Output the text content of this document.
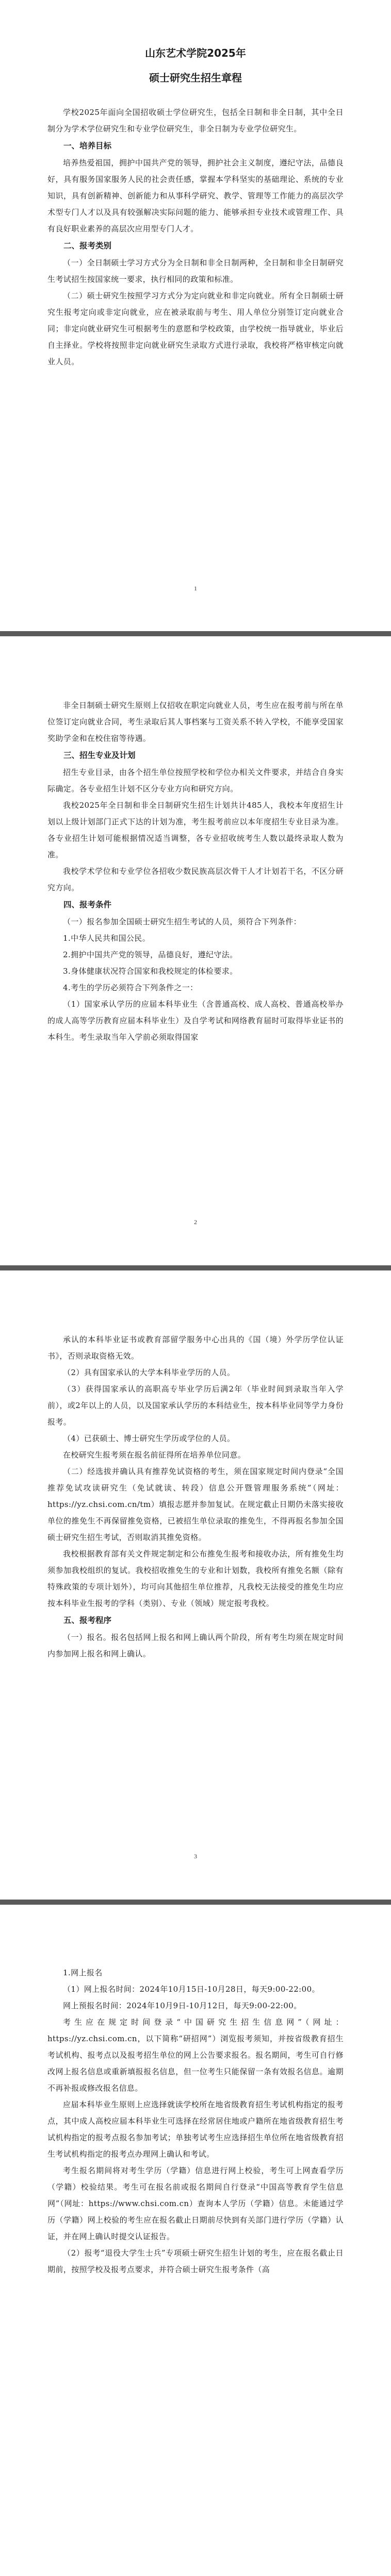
山东艺术学院2025年
硕士研究生招生章程

学校2025年面向全国招收硕士学位研究生，包括全日制和非全日制，其中全日制分为学术学位研究生和专业学位研究生，非全日制为专业学位研究生。

一、培养目标

培养热爱祖国，拥护中国共产党的领导，拥护社会主义制度，遵纪守法，品德良好，具有服务国家服务人民的社会责任感，掌握本学科坚实的基础理论、系统的专业知识，具有创新精神、创新能力和从事科学研究、教学、管理等工作能力的高层次学术型专门人才以及具有较强解决实际问题的能力、能够承担专业技术或管理工作、具有良好职业素养的高层次应用型专门人才。

二、报考类别

（一）全日制硕士学习方式分为全日制和非全日制两种，全日制和非全日制研究生考试招生按国家统一要求，执行相同的政策和标准。

（二）硕士研究生按照学习方式分为定向就业和非定向就业。所有全日制硕士研究生报考定向或非定向就业，应在被录取前与考生、用人单位分别签订定向就业合同；非定向就业研究生可根据考生的意愿和学校政策，由学校统一指导就业，毕业后自主择业。学校将按照非定向就业研究生录取方式进行录取，我校将严格审核定向就业人员。

1

非全日制硕士研究生原则上仅招收在职定向就业人员，考生应在报考前与所在单位签订定向就业合同，考生录取后其人事档案与工资关系不转入学校，不能享受国家奖助学金和在校住宿等待遇。

三、招生专业及计划

招生专业目录，由各个招生单位按照学校和学位办相关文件要求，并结合自身实际确定。各专业招生计划不区分专业方向和研究方向。

我校2025年全日制和非全日制研究生招生计划共计485人，我校本年度招生计划以上级计划部门正式下达的计划为准，考生报考前应以本年度招生专业目录为准。各专业招生计划可能根据情况适当调整，各专业招收统考生人数以最终录取人数为准。

我校学术学位和专业学位各招收少数民族高层次骨干人才计划若干名，不区分研究方向。

四、报考条件

（一）报名参加全国硕士研究生招生考试的人员，须符合下列条件：

1.中华人民共和国公民。

2.拥护中国共产党的领导，品德良好，遵纪守法。

3.身体健康状况符合国家和我校规定的体检要求。

4.考生的学历必须符合下列条件之一：

（1）国家承认学历的应届本科毕业生（含普通高校、成人高校、普通高校举办的成人高等学历教育应届本科毕业生）及自学考试和网络教育届时可取得毕业证书的本科生。考生录取当年入学前必须取得国家

2

承认的本科毕业证书或教育部留学服务中心出具的《国（境）外学历学位认证书》，否则录取资格无效。

（2）具有国家承认的大学本科毕业学历的人员。

（3）获得国家承认的高职高专毕业学历后满2年（毕业时间到录取当年入学前），或2年以上的人员，以及国家承认学历的本科结业生，按本科毕业同等学力身份报考。

（4）已获硕士、博士研究生学历或学位的人员。

在校研究生报考须在报名前征得所在培养单位同意。

（二）经选拔并确认具有推荐免试资格的考生，须在国家规定时间内登录“全国推荐免试攻读研究生（免试就读、转段）信息公开暨管理服务系统”（网址：https://yz.chsi.com.cn/tm）填报志愿并参加复试。在规定截止日期仍未落实接收单位的推免生不再保留推免资格，已被招生单位录取的推免生，不得再报名参加全国硕士研究生招生考试，否则取消其推免资格。

我校根据教育部有关文件规定制定和公布推免生报考和接收办法，所有推免生均须参加我校组织的复试。我校招收推免生的专业和计划数，我校所有推免名额（除有特殊政策的专项计划外），均可向其他招生单位推荐，凡我校无法接受的推免生均应按本科毕业生报考的学科（类别）、专业（领域）规定报考我校。

五、报考程序

（一）报名。报名包括网上报名和网上确认两个阶段，所有考生均须在规定时间内参加网上报名和网上确认。

3

1.网上报名

（1）网上报名时间：2024年10月15日-10月28日，每天9:00-22:00。

网上预报名时间：2024年10月9日-10月12日，每天9:00-22:00。

考生应在规定时间登录“中国研究生招生信息网”（网址：https://yz.chsi.com.cn，以下简称“研招网”）浏览报考须知，并按省级教育招生考试机构、报考点以及报考招生单位的网上公告要求报名。报名期间，考生可自行修改网上报名信息或重新填报报名信息，但一位考生只能保留一条有效报名信息。逾期不再补报或修改报名信息。

应届本科毕业生原则上应选择就读学校所在地省级教育招生考试机构指定的报考点，其中成人高校应届本科毕业生可选择在经常居住地或户籍所在地省级教育招生考试机构指定的报考点报名参加考试；单独考试考生应选择招生单位所在地省级教育招生考试机构指定的报考点办理网上确认和考试。

考生报名期间将对考生学历（学籍）信息进行网上校验，考生可上网查看学历（学籍）校验结果。考生可在报名前或报名期间自行登录“中国高等教育学生信息网”（网址：https://www.chsi.com.cn）查询本人学历（学籍）信息。未能通过学历（学籍）网上校验的考生应在报名截止日期前尽快到有关部门进行学历（学籍）认证，并在网上确认时提交认证报告。

（2）报考“退役大学生士兵”专项硕士研究生招生计划的考生，应在报名截止日期前，按照学校及报考点要求，并符合硕士研究生报考条件（高
